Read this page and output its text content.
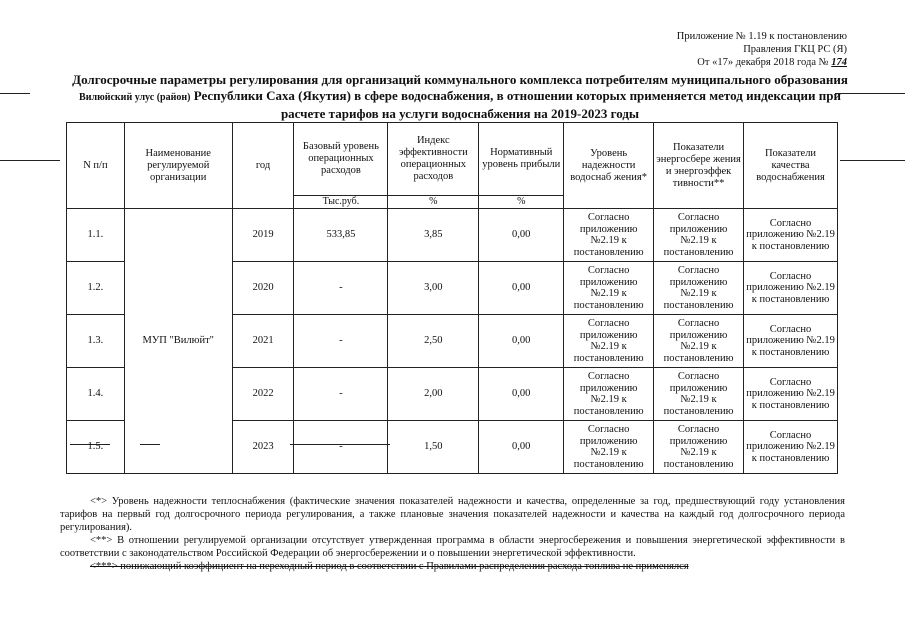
Приложение № 1.19 к постановлению
Правления ГКЦ РС (Я)
От «17» декабря 2018 года № 174
Долгосрочные параметры регулирования для организаций коммунального комплекса потребителям муниципального образования Вилюйский улус (район) Республики Саха (Якутия) в сфере водоснабжения, в отношении которых применяется метод индексации при расчете тарифов на услуги водоснабжения на 2019-2023 годы
N п/п	Наименование регулируемой организации	год	Базовый уровень операционных расходов	Индекс эффективности операционных расходов	Нормативный уровень прибыли	Уровень надежности водоснаб жения*	Показатели энергосбере жения и энергоэффек тивности**	Показатели качества водоснабжения
			Тыс.руб.	%	%			
1.1.	МУП "Вилюйт"	2019	533,85	3,85	0,00	Согласно приложению №2.19 к постановлению	Согласно приложению №2.19 к постановлению	Согласно приложению №2.19 к постановлению
1.2.		2020	-	3,00	0,00	Согласно приложению №2.19 к постановлению	Согласно приложению №2.19 к постановлению	Согласно приложению №2.19 к постановлению
1.3.		2021	-	2,50	0,00	Согласно приложению №2.19 к постановлению	Согласно приложению №2.19 к постановлению	Согласно приложению №2.19 к постановлению
1.4.		2022	-	2,00	0,00	Согласно приложению №2.19 к постановлению	Согласно приложению №2.19 к постановлению	Согласно приложению №2.19 к постановлению
1.5.		2023	-	1,50	0,00	Согласно приложению №2.19 к постановлению	Согласно приложению №2.19 к постановлению	Согласно приложению №2.19 к постановлению

<*> Уровень надежности теплоснабжения (фактические значения показателей надежности и качества, определенные за год, предшествующий году установления тарифов на первый год долгосрочного периода регулирования, а также плановые значения показателей надежности и качества на каждый год долгосрочного периода регулирования).

<**> В отношении регулируемой организации отсутствует утвержденная программа в области энергосбережения и повышения энергетической эффективности в соответствии с законодательством Российской Федерации об энергосбережении и о повышении энергетической эффективности.

<***> понижающий коэффициент на переходный период в соответствии с Правилами распределения расхода топлива не применялся
